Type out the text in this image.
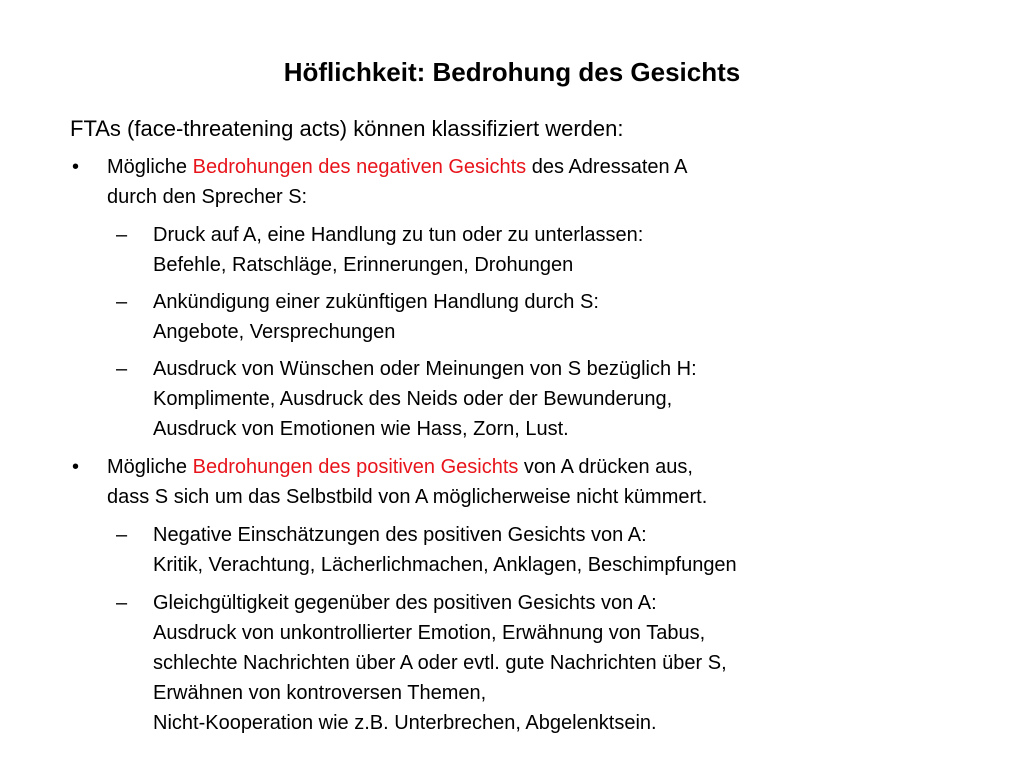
Höflichkeit: Bedrohung des Gesichts
FTAs (face-threatening acts) können klassifiziert werden:
• Mögliche Bedrohungen des negativen Gesichts des Adressaten A
durch den Sprecher S:
– Druck auf A, eine Handlung zu tun oder zu unterlassen:
Befehle, Ratschläge, Erinnerungen, Drohungen
– Ankündigung einer zukünftigen Handlung durch S:
Angebote, Versprechungen
– Ausdruck von Wünschen oder Meinungen von S bezüglich H:
Komplimente, Ausdruck des Neids oder der Bewunderung,
Ausdruck von Emotionen wie Hass, Zorn, Lust.
• Mögliche Bedrohungen des positiven Gesichts von A drücken aus,
dass S sich um das Selbstbild von A möglicherweise nicht kümmert.
– Negative Einschätzungen des positiven Gesichts von A:
Kritik, Verachtung, Lächerlichmachen, Anklagen, Beschimpfungen
– Gleichgültigkeit gegenüber des positiven Gesichts von A:
Ausdruck von unkontrollierter Emotion, Erwähnung von Tabus,
schlechte Nachrichten über A oder evtl. gute Nachrichten über S,
Erwähnen von kontroversen Themen,
Nicht-Kooperation wie z.B. Unterbrechen, Abgelenktsein.
